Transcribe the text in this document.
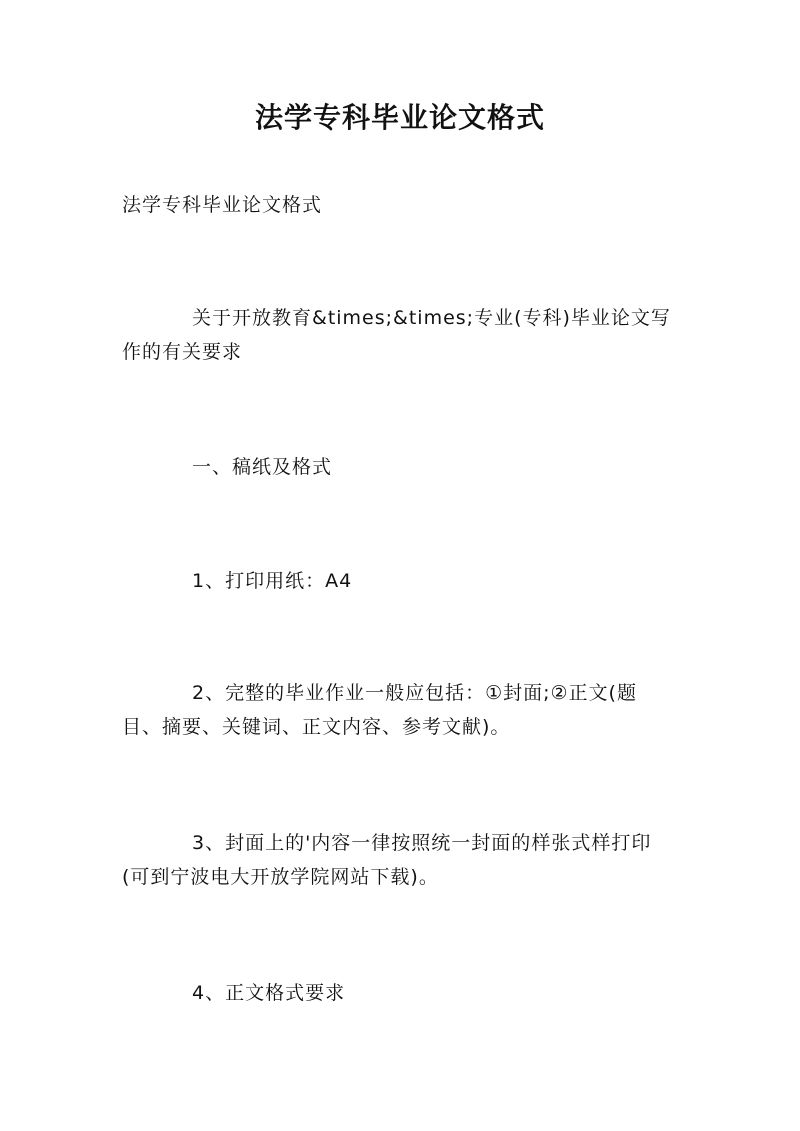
法学专科毕业论文格式

法学专科毕业论文格式

关于开放教育&times;&times;专业(专科)毕业论文写
作的有关要求

一、稿纸及格式

1、打印用纸：A4

2、完整的毕业作业一般应包括：①封面;②正文(题
目、摘要、关键词、正文内容、参考文献)。

3、封面上的'内容一律按照统一封面的样张式样打印
(可到宁波电大开放学院网站下载)。

4、正文格式要求
